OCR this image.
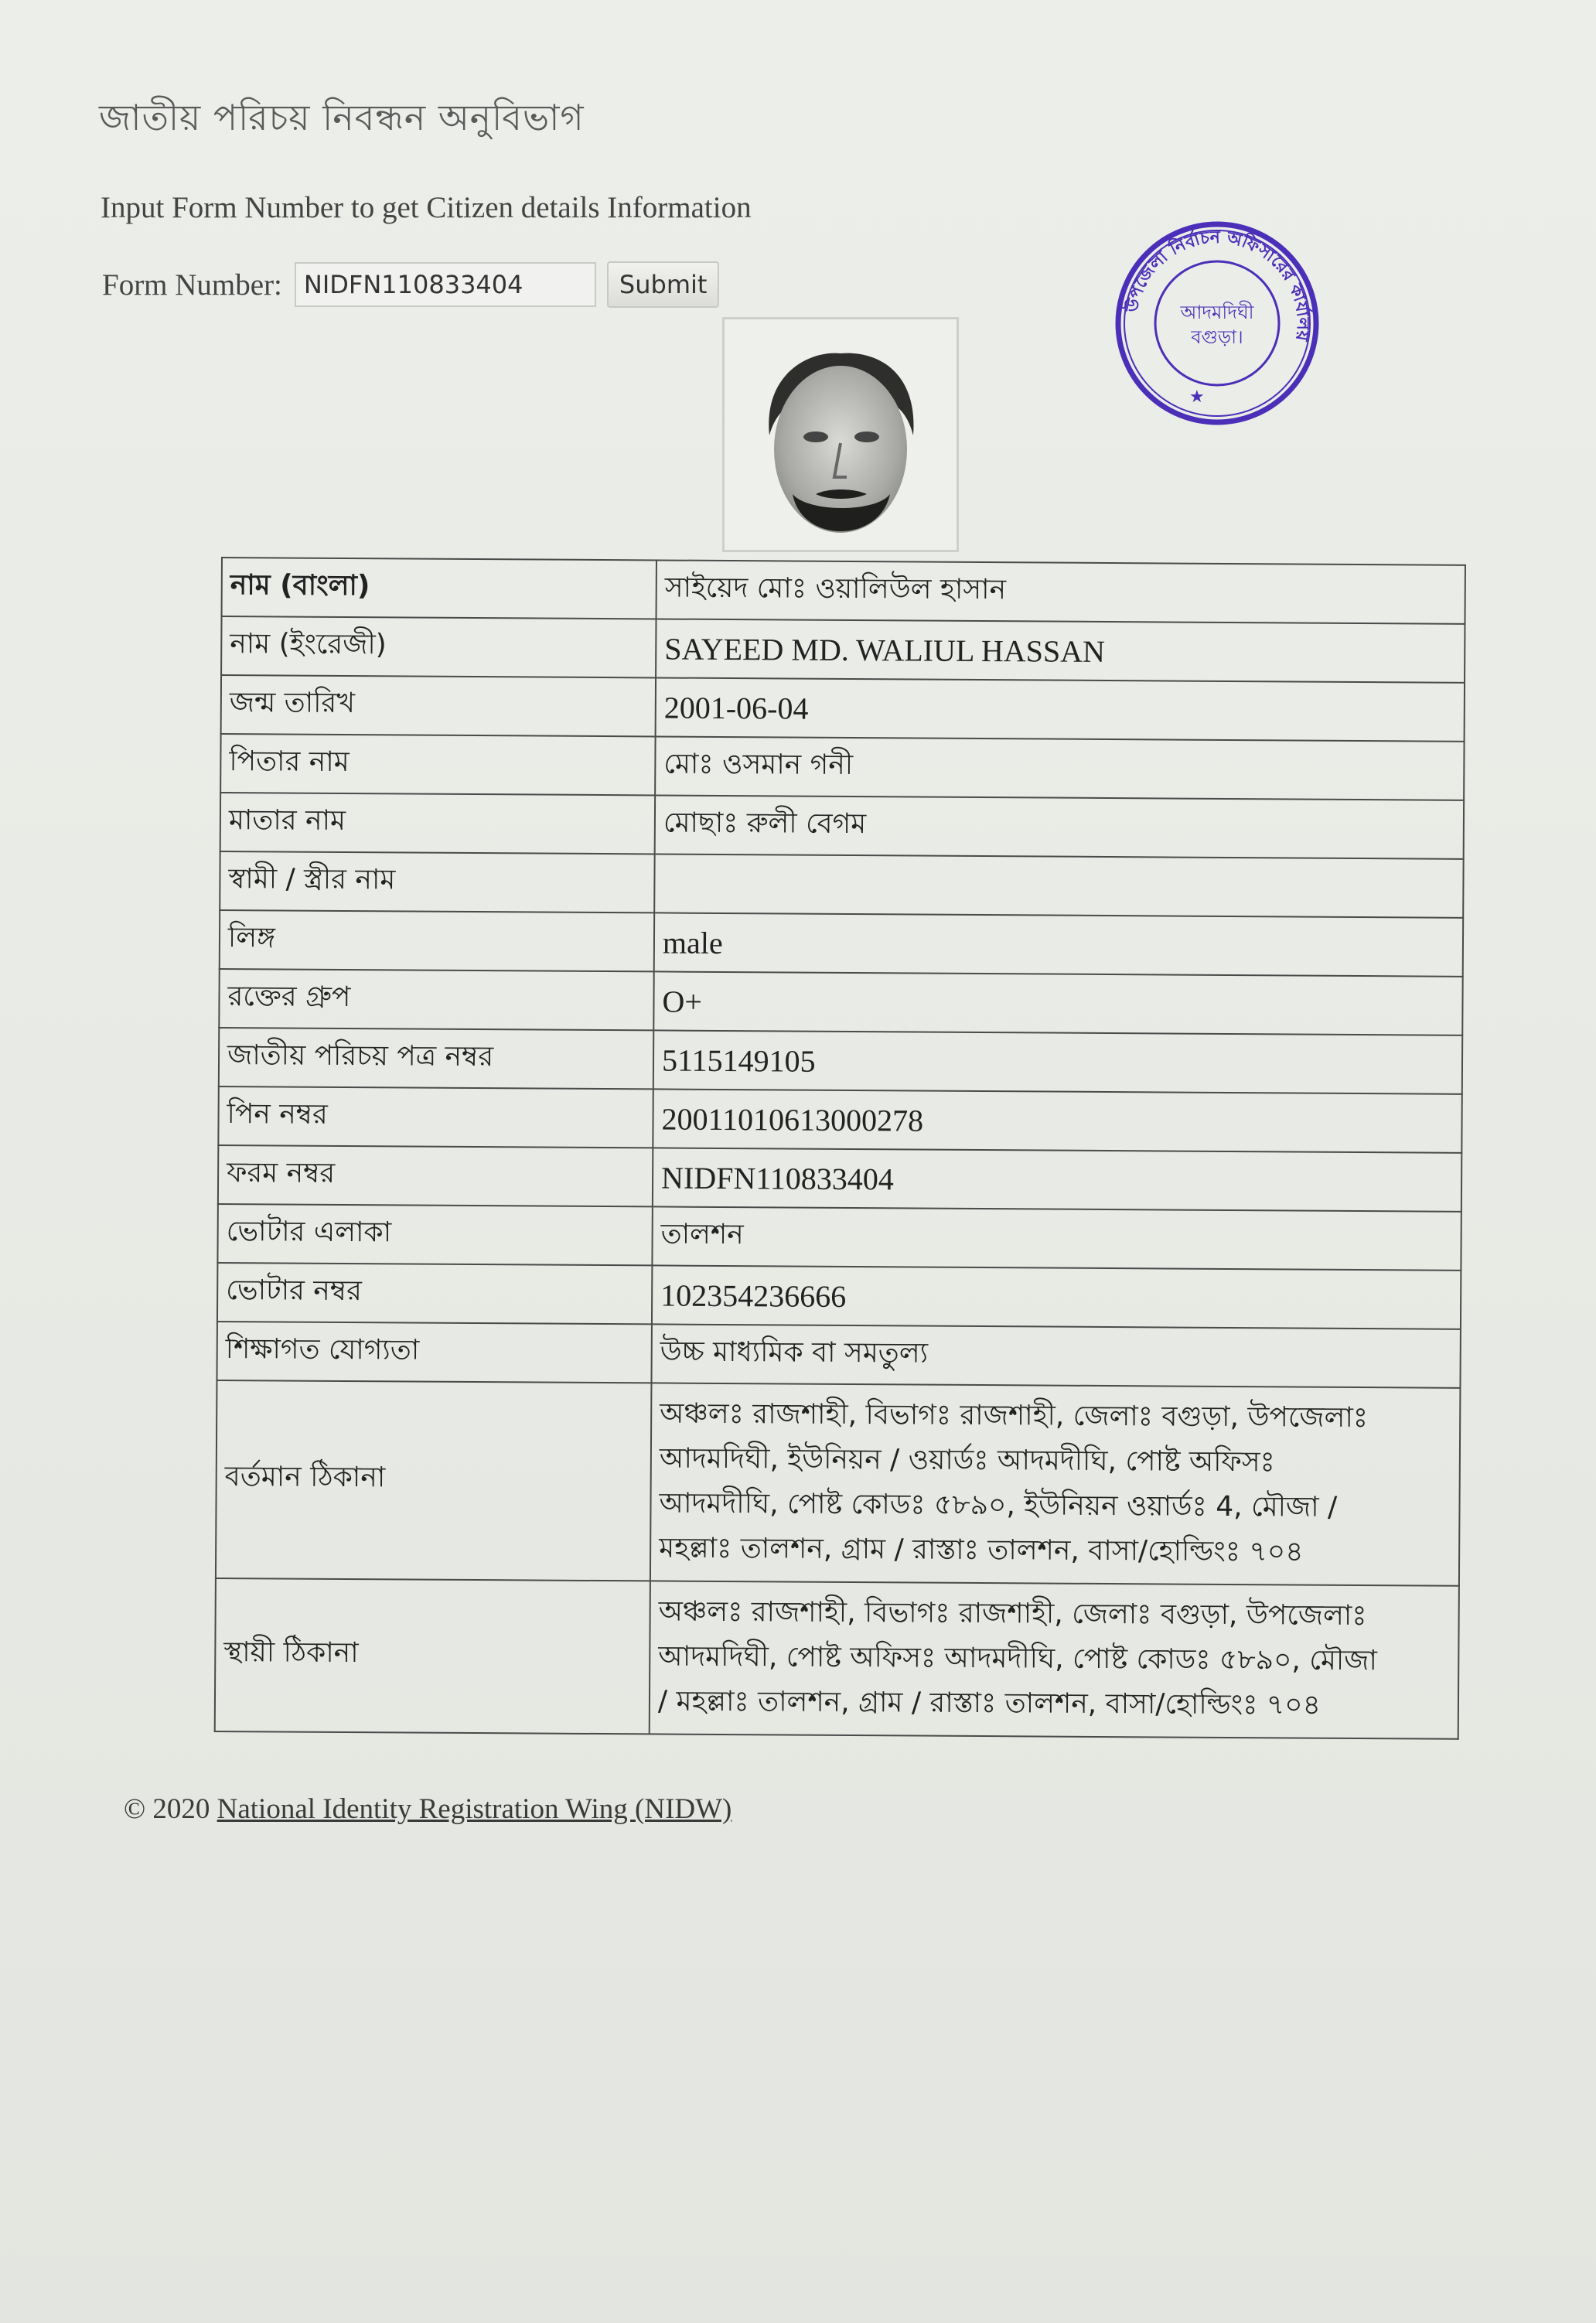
জাতীয় পরিচয় নিবন্ধন অনুবিভাগ
Input Form Number to get Citizen details Information
Form Number:
NIDFN110833404	Submit
উপজেলা নির্বাচন অফিসারের কার্যালয়
আদমদিঘী
বগুড়া।
★
নাম (বাংলা)	সাইয়েদ মোঃ ওয়ালিউল হাসান
নাম (ইংরেজী)	SAYEED MD. WALIUL HASSAN
জন্ম তারিখ	2001-06-04
পিতার নাম	মোঃ ওসমান গনী
মাতার নাম	মোছাঃ রুলী বেগম
স্বামী / স্ত্রীর নাম	
লিঙ্গ	male
রক্তের গ্রুপ	O+
জাতীয় পরিচয় পত্র নম্বর	5115149105
পিন নম্বর	20011010613000278
ফরম নম্বর	NIDFN110833404
ভোটার এলাকা	তালশন
ভোটার নম্বর	102354236666
শিক্ষাগত যোগ্যতা	উচ্চ মাধ্যমিক বা সমতুল্য
বর্তমান ঠিকানা	অঞ্চলঃ রাজশাহী, বিভাগঃ রাজশাহী, জেলাঃ বগুড়া, উপজেলাঃ
আদমদিঘী, ইউনিয়ন / ওয়ার্ডঃ আদমদীঘি, পোষ্ট অফিসঃ
আদমদীঘি, পোষ্ট কোডঃ ৫৮৯০, ইউনিয়ন ওয়ার্ডঃ 4, মৌজা /
মহল্লাঃ তালশন, গ্রাম / রাস্তাঃ তালশন, বাসা/হোল্ডিংঃ ৭০৪

স্থায়ী ঠিকানা	অঞ্চলঃ রাজশাহী, বিভাগঃ রাজশাহী, জেলাঃ বগুড়া, উপজেলাঃ
আদমদিঘী, পোষ্ট অফিসঃ আদমদীঘি, পোষ্ট কোডঃ ৫৮৯০, মৌজা
/ মহল্লাঃ তালশন, গ্রাম / রাস্তাঃ তালশন, বাসা/হোল্ডিংঃ ৭০৪
© 2020 National Identity Registration Wing (NIDW)
